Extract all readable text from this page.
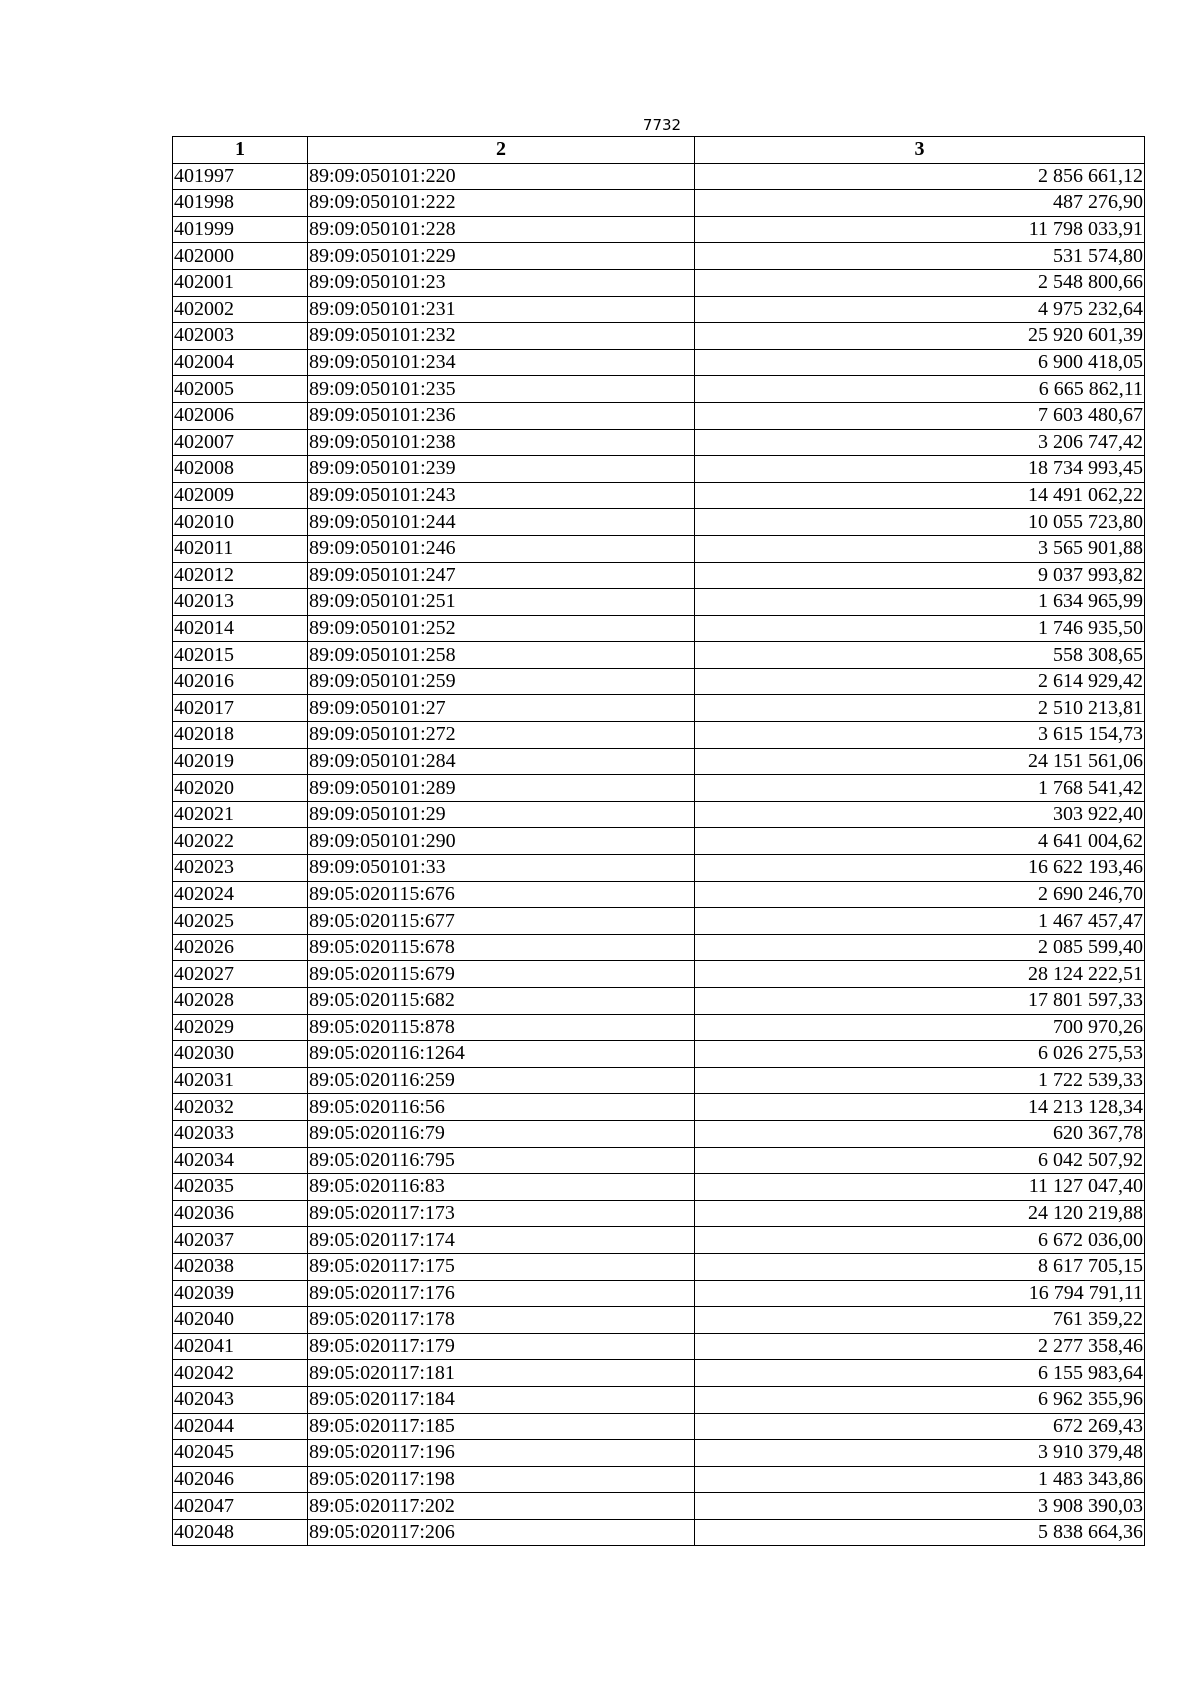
7732
1	2	3
401997	89:09:050101:220	2 856 661,12
401998	89:09:050101:222	487 276,90
401999	89:09:050101:228	11 798 033,91
402000	89:09:050101:229	531 574,80
402001	89:09:050101:23	2 548 800,66
402002	89:09:050101:231	4 975 232,64
402003	89:09:050101:232	25 920 601,39
402004	89:09:050101:234	6 900 418,05
402005	89:09:050101:235	6 665 862,11
402006	89:09:050101:236	7 603 480,67
402007	89:09:050101:238	3 206 747,42
402008	89:09:050101:239	18 734 993,45
402009	89:09:050101:243	14 491 062,22
402010	89:09:050101:244	10 055 723,80
402011	89:09:050101:246	3 565 901,88
402012	89:09:050101:247	9 037 993,82
402013	89:09:050101:251	1 634 965,99
402014	89:09:050101:252	1 746 935,50
402015	89:09:050101:258	558 308,65
402016	89:09:050101:259	2 614 929,42
402017	89:09:050101:27	2 510 213,81
402018	89:09:050101:272	3 615 154,73
402019	89:09:050101:284	24 151 561,06
402020	89:09:050101:289	1 768 541,42
402021	89:09:050101:29	303 922,40
402022	89:09:050101:290	4 641 004,62
402023	89:09:050101:33	16 622 193,46
402024	89:05:020115:676	2 690 246,70
402025	89:05:020115:677	1 467 457,47
402026	89:05:020115:678	2 085 599,40
402027	89:05:020115:679	28 124 222,51
402028	89:05:020115:682	17 801 597,33
402029	89:05:020115:878	700 970,26
402030	89:05:020116:1264	6 026 275,53
402031	89:05:020116:259	1 722 539,33
402032	89:05:020116:56	14 213 128,34
402033	89:05:020116:79	620 367,78
402034	89:05:020116:795	6 042 507,92
402035	89:05:020116:83	11 127 047,40
402036	89:05:020117:173	24 120 219,88
402037	89:05:020117:174	6 672 036,00
402038	89:05:020117:175	8 617 705,15
402039	89:05:020117:176	16 794 791,11
402040	89:05:020117:178	761 359,22
402041	89:05:020117:179	2 277 358,46
402042	89:05:020117:181	6 155 983,64
402043	89:05:020117:184	6 962 355,96
402044	89:05:020117:185	672 269,43
402045	89:05:020117:196	3 910 379,48
402046	89:05:020117:198	1 483 343,86
402047	89:05:020117:202	3 908 390,03
402048	89:05:020117:206	5 838 664,36
